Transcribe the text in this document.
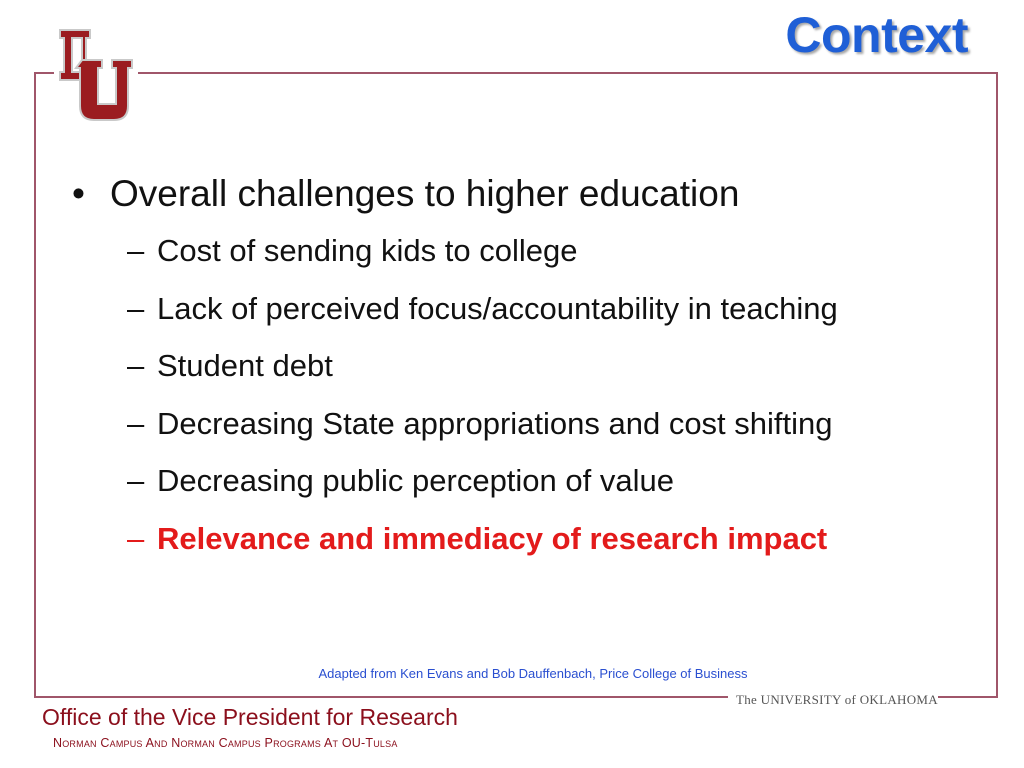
Context
• Overall challenges to higher education
– Cost of sending kids to college
– Lack of perceived focus/accountability in teaching
– Student debt
– Decreasing State appropriations and cost shifting
– Decreasing public perception of value
– Relevance and immediacy of research impact
Adapted from Ken Evans and Bob Dauffenbach, Price College of Business
The UNIVERSITY of OKLAHOMA
Office of the Vice President for Research
Norman Campus And Norman Campus Programs At OU-Tulsa
